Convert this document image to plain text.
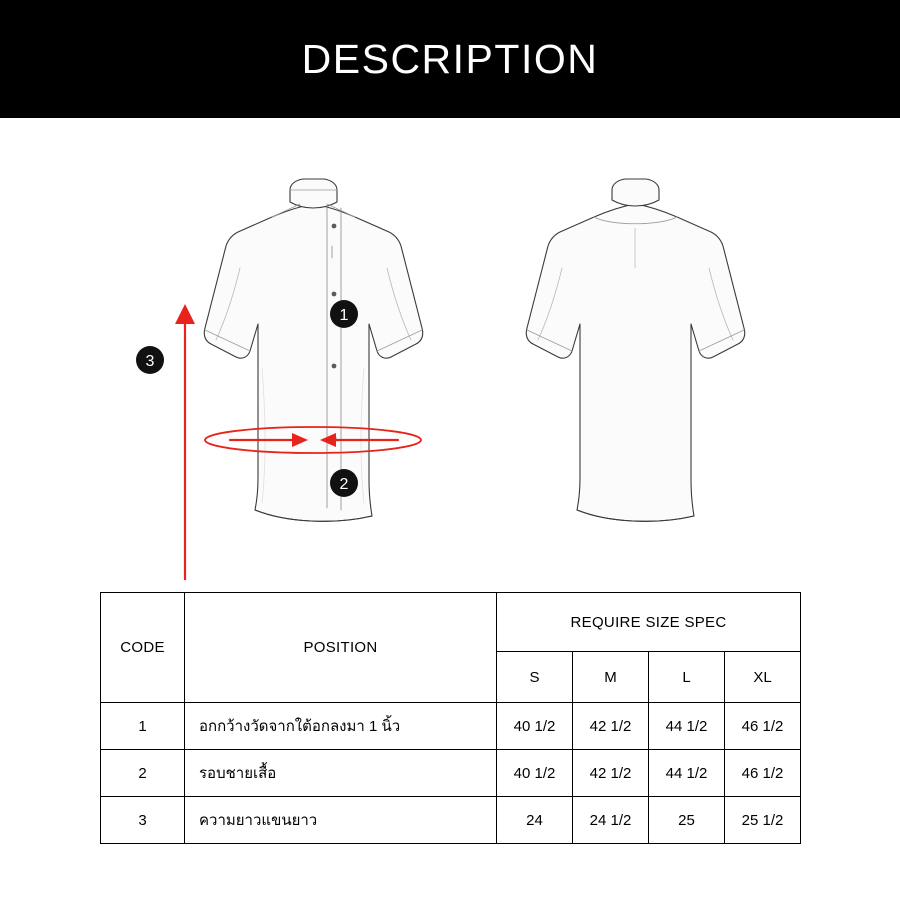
DESCRIPTION
1
2
3
CODE	POSITION	REQUIRE SIZE SPEC			
		S	M	L	XL
1	อกกว้างวัดจากใต้อกลงมา 1 นิ้ว	40 1/2	42 1/2	44 1/2	46 1/2
2	รอบชายเสื้อ	40 1/2	42 1/2	44 1/2	46 1/2
3	ความยาวแขนยาว	24	24 1/2	25	25 1/2
